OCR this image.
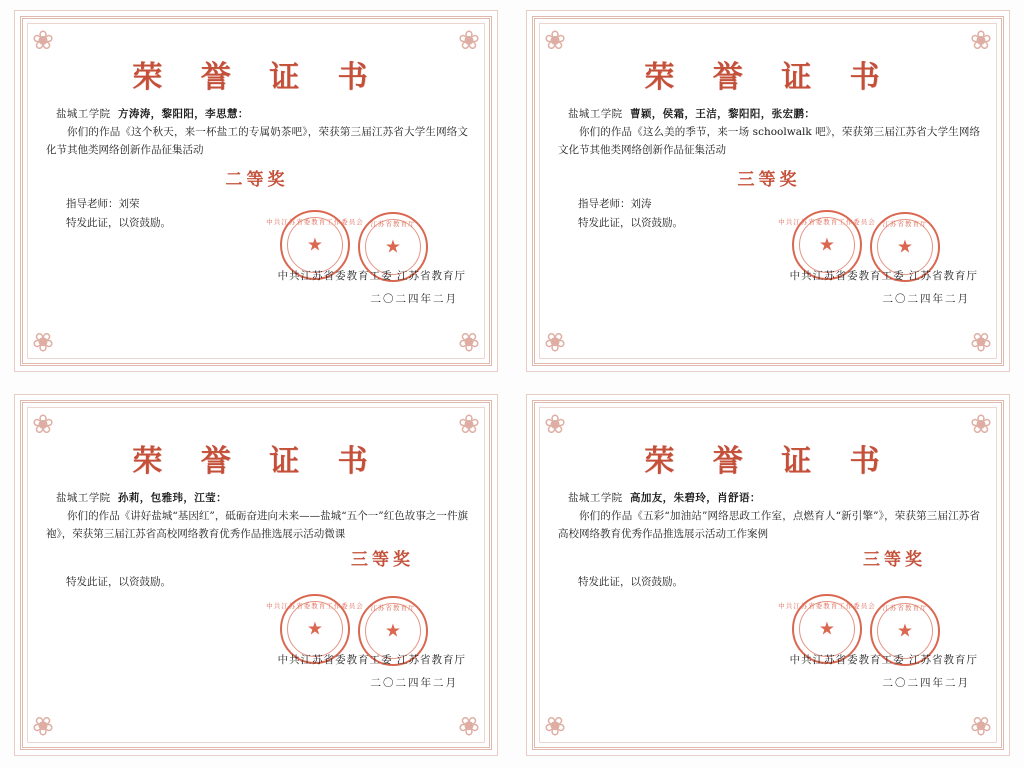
❀	❀
❀	❀
荣 誉 证 书
盐城工学院 方涛涛，黎阳阳，李思慧：
你们的作品《这个秋天，来一杯盐工的专属奶茶吧》，荣获第三届江苏省大学生网络文化节其他类网络创新作品征集活动
二等奖
指导老师：刘荣
特发此证，以资鼓励。	中共江苏省委教育工作委员会
★
江苏省教育厅
★
中共江苏省委教育工委 江苏省教育厅
二〇二四年二月
❀	❀
❀	❀
荣 誉 证 书
盐城工学院 曹颖，侯霜，王洁，黎阳阳，张宏鹏：
你们的作品《这么美的季节，来一场 schoolwalk 吧》，荣获第三届江苏省大学生网络文化节其他类网络创新作品征集活动
三等奖
指导老师：刘涛
特发此证，以资鼓励。	中共江苏省委教育工作委员会
★
江苏省教育厅
★
中共江苏省委教育工委 江苏省教育厅
二〇二四年二月
❀	❀
❀	❀
荣 誉 证 书
盐城工学院 孙莉，包雅玮，江莹：
你们的作品《讲好盐城“基因红”，砥砺奋进向未来——盐城“五个一”红色故事之一件旗袍》，荣获第三届江苏省高校网络教育优秀作品推选展示活动微课
三等奖
特发此证，以资鼓励。
中共江苏省委教育工作委员会
★
江苏省教育厅
★
中共江苏省委教育工委 江苏省教育厅
二〇二四年二月
❀	❀
❀	❀
荣 誉 证 书
盐城工学院 高加友，朱碧玲，肖舒语：
你们的作品《五彩“加油站”网络思政工作室，点燃育人“新引擎”》，荣获第三届江苏省高校网络教育优秀作品推选展示活动工作案例
三等奖
特发此证，以资鼓励。
中共江苏省委教育工作委员会
★
江苏省教育厅
★
中共江苏省委教育工委 江苏省教育厅
二〇二四年二月
